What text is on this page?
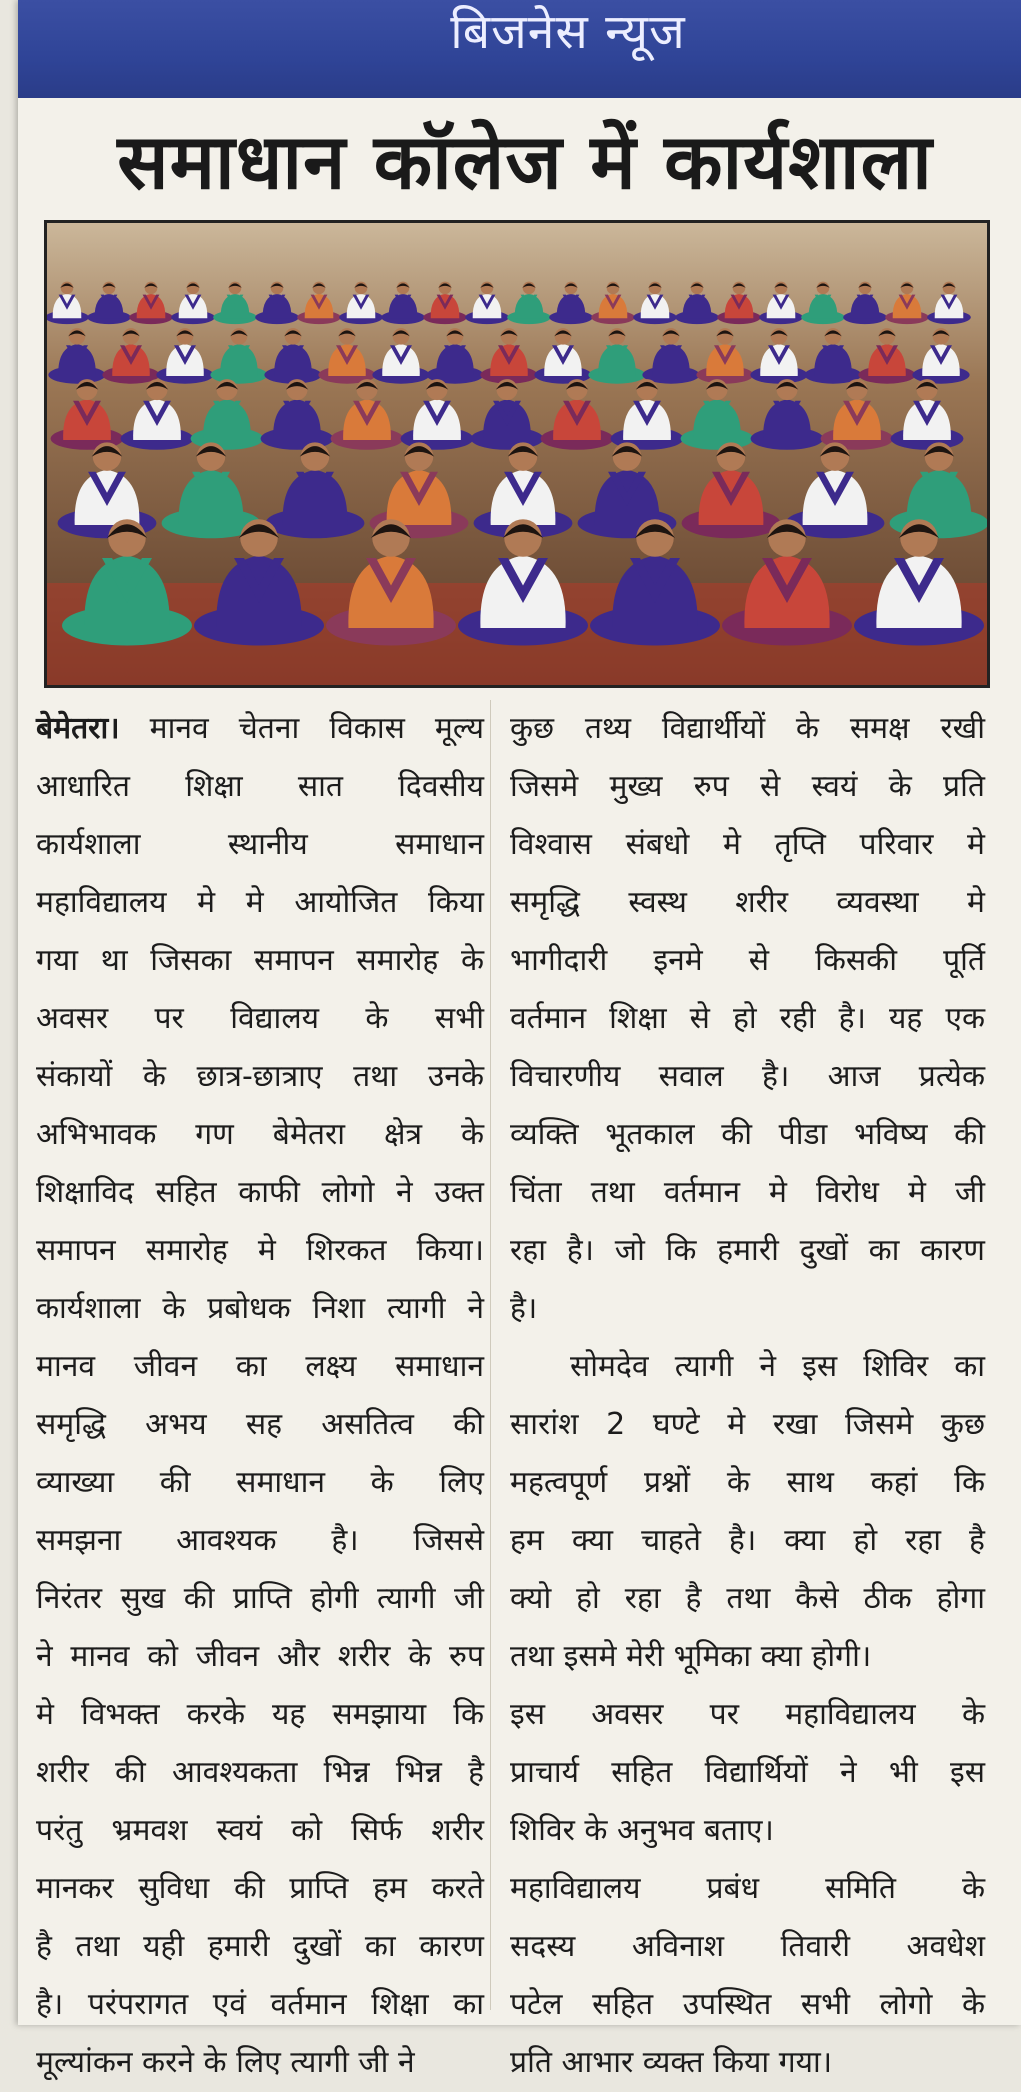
बिजनेस न्यूज
समाधान कॉलेज में कार्यशाला
बेमेतरा। मानव चेतना विकास मूल्य
आधारित शिक्षा सात दिवसीय
कार्यशाला स्थानीय समाधान
महाविद्यालय मे मे आयोजित किया
गया था जिसका समापन समारोह के
अवसर पर विद्यालय के सभी
संकायों के छात्र-छात्राए तथा उनके
अभिभावक गण बेमेतरा क्षेत्र के
शिक्षाविद सहित काफी लोगो ने उक्त
समापन समारोह मे शिरकत किया।
कार्यशाला के प्रबोधक निशा त्यागी ने
मानव जीवन का लक्ष्य समाधान
समृद्धि अभय सह असतित्व की
व्याख्या की समाधान के लिए
समझना आवश्यक है। जिससे
निरंतर सुख की प्राप्ति होगी त्यागी जी
ने मानव को जीवन और शरीर के रुप
मे विभक्त करके यह समझाया कि
शरीर की आवश्यकता भिन्न भिन्न है
परंतु भ्रमवश स्वयं को सिर्फ शरीर
मानकर सुविधा की प्राप्ति हम करते
है तथा यही हमारी दुखों का कारण
है। परंपरागत एवं वर्तमान शिक्षा का
मूल्यांकन करने के लिए त्यागी जी ने
कुछ तथ्य विद्यार्थीयों के समक्ष रखी
जिसमे मुख्य रुप से स्वयं के प्रति
विश्वास संबधो मे तृप्ति परिवार मे
समृद्धि स्वस्थ शरीर व्यवस्था मे
भागीदारी इनमे से किसकी पूर्ति
वर्तमान शिक्षा से हो रही है। यह एक
विचारणीय सवाल है। आज प्रत्येक
व्यक्ति भूतकाल की पीडा भविष्य की
चिंता तथा वर्तमान मे विरोध मे जी
रहा है। जो कि हमारी दुखों का कारण
है।
सोमदेव त्यागी ने इस शिविर का
सारांश 2 घण्टे मे रखा जिसमे कुछ
महत्वपूर्ण प्रश्नों के साथ कहां कि
हम क्या चाहते है। क्या हो रहा है
क्यो हो रहा है तथा कैसे ठीक होगा
तथा इसमे मेरी भूमिका क्या होगी।
इस अवसर पर महाविद्यालय के
प्राचार्य सहित विद्यार्थियों ने भी इस
शिविर के अनुभव बताए।
महाविद्यालय प्रबंध समिति के
सदस्य अविनाश तिवारी अवधेश
पटेल सहित उपस्थित सभी लोगो के
प्रति आभार व्यक्त किया गया।
